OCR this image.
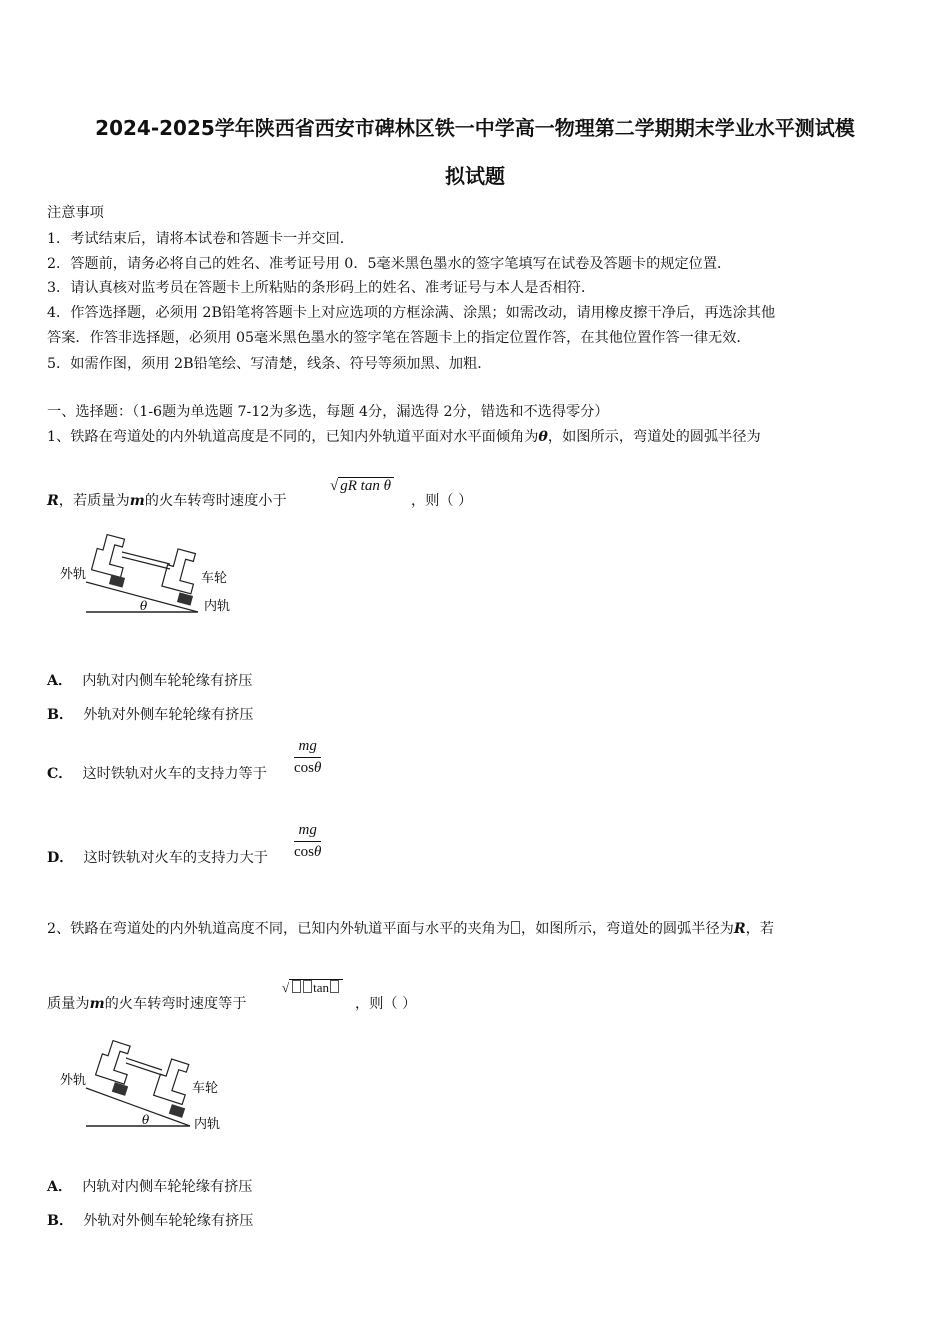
2024-2025学年陕西省西安市碑林区铁一中学高一物理第二学期期末学业水平测试模
拟试题
注意事项
1．考试结束后，请将本试卷和答题卡一并交回．
2．答题前，请务必将自己的姓名、准考证号用 0．5毫米黑色墨水的签字笔填写在试卷及答题卡的规定位置．
3．请认真核对监考员在答题卡上所粘贴的条形码上的姓名、准考证号与本人是否相符．
4．作答选择题，必须用 2B铅笔将答题卡上对应选项的方框涂满、涂黑；如需改动，请用橡皮擦干净后，再选涂其他
答案．作答非选择题，必须用 05毫米黑色墨水的签字笔在答题卡上的指定位置作答，在其他位置作答一律无效．
5．如需作图，须用 2B铅笔绘、写清楚，线条、符号等须加黑、加粗．
一、选择题：（1-6题为单选题 7-12为多选，每题 4分，漏选得 2分，错选和不选得零分）
1、铁路在弯道处的内外轨道高度是不同的，已知内外轨道平面对水平面倾角为θ，如图所示，弯道处的圆弧半径为
R，若质量为m的火车转弯时速度小于
√ gR tan θ
，则（ ）
外轨	车轮
内轨
θ
A． 内轨对内侧车轮轮缘有挤压
B． 外轨对外侧车轮轮缘有挤压
C． 这时铁轨对火车的支持力等于 $\frac{mg}{\cos\theta}$
D． 这时铁轨对火车的支持力大于 $\frac{mg}{\cos\theta}$
2、铁路在弯道处的内外轨道高度不同，已知内外轨道平面与水平的夹角为 ，如图所示，弯道处的圆弧半径为R，若
质量为m的火车转弯时速度等于
√ tan
，则（ ）
外轨
车轮
内轨
θ
A． 内轨对内侧车轮轮缘有挤压
B． 外轨对外侧车轮轮缘有挤压
